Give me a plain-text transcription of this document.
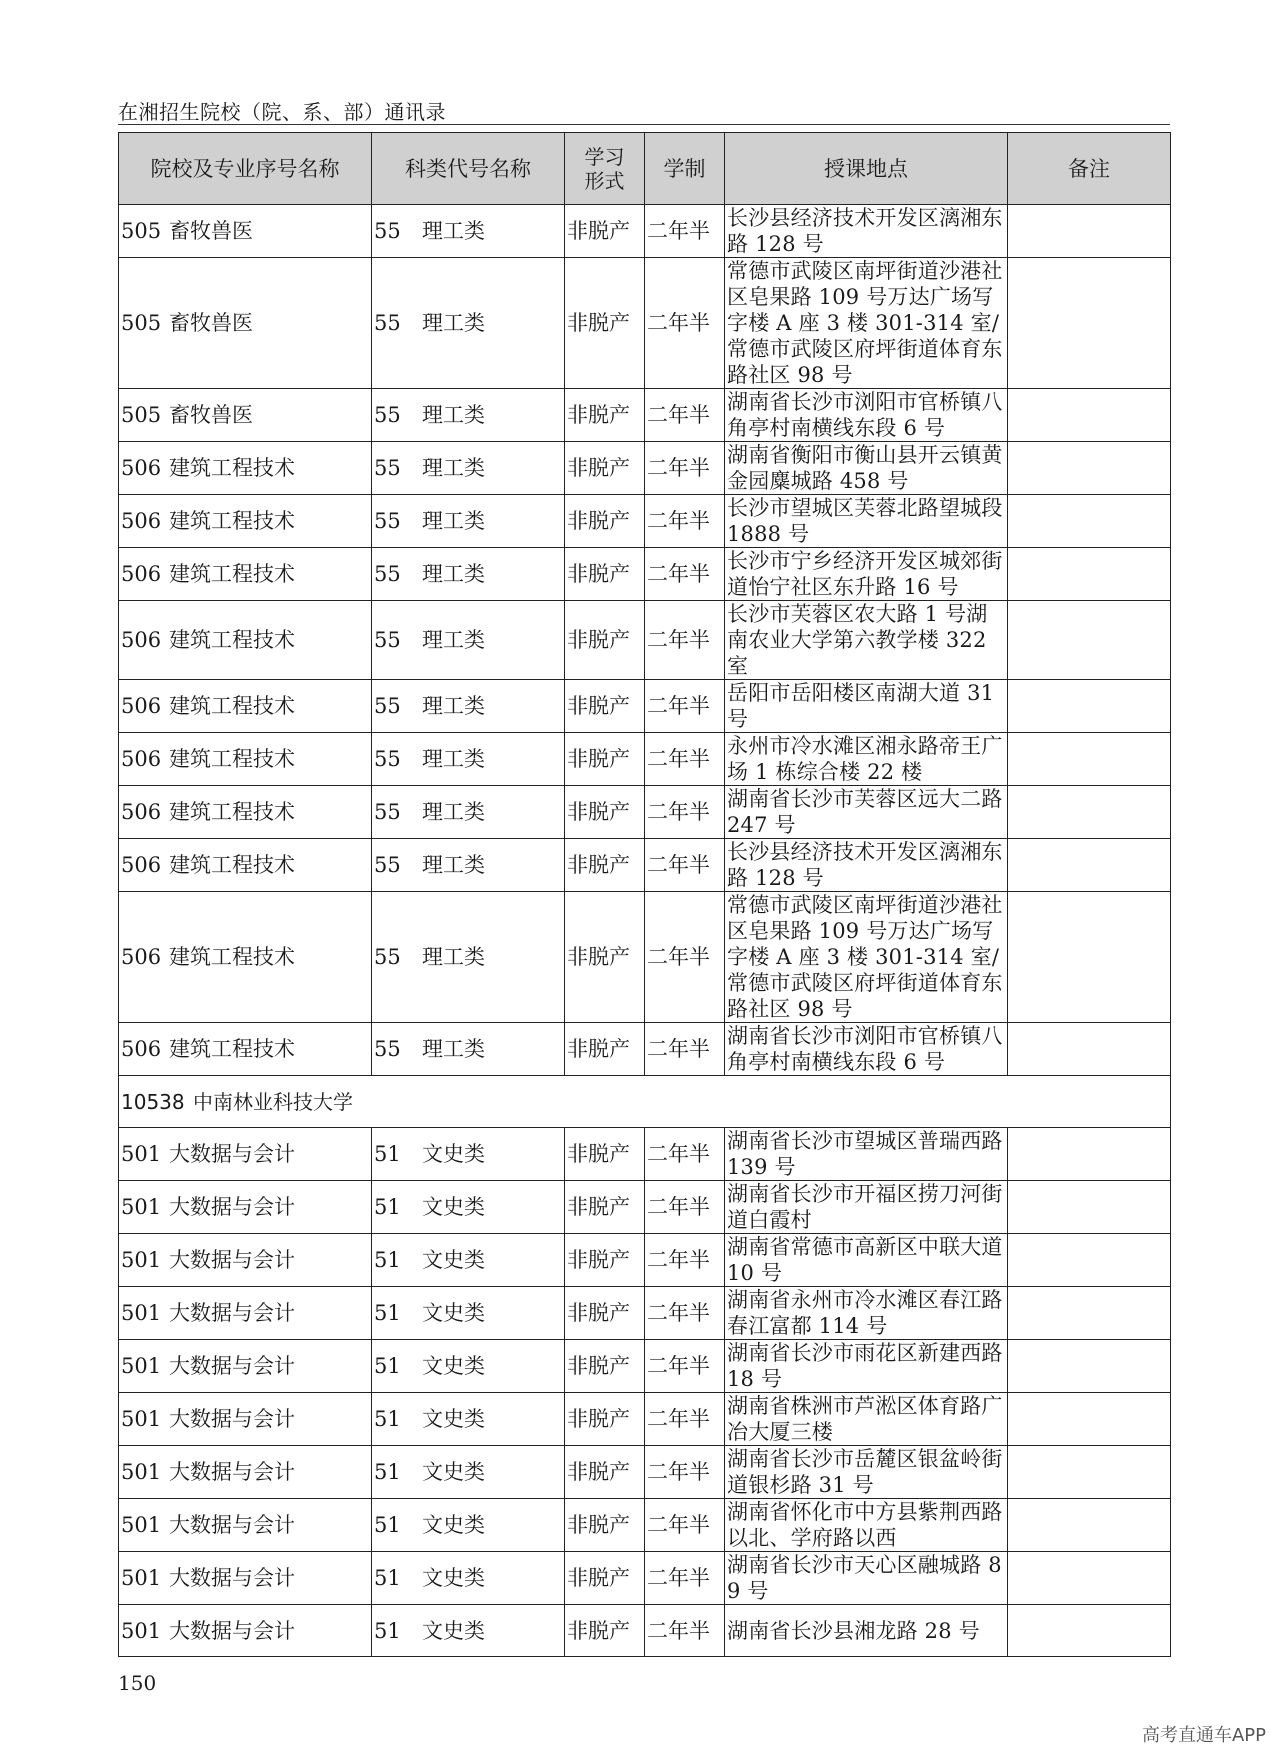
在湘招生院校（院、系、部）通讯录
院校及专业序号名称	科类代号名称	学习形式	学制	授课地点	备注
505 畜牧兽医	55 理工类	非脱产	二年半	长沙县经济技术开发区漓湘东路 128 号	
505 畜牧兽医	55 理工类	非脱产	二年半	常德市武陵区南坪街道沙港社区皂果路 109 号万达广场写字楼 A 座 3 楼 301-314 室/常德市武陵区府坪街道体育东路社区 98 号	
505 畜牧兽医	55 理工类	非脱产	二年半	湖南省长沙市浏阳市官桥镇八角亭村南横线东段 6 号	
506 建筑工程技术	55 理工类	非脱产	二年半	湖南省衡阳市衡山县开云镇黄金园麋城路 458 号	
506 建筑工程技术	55 理工类	非脱产	二年半	长沙市望城区芙蓉北路望城段 1888 号	
506 建筑工程技术	55 理工类	非脱产	二年半	长沙市宁乡经济开发区城郊街道怡宁社区东升路 16 号	
506 建筑工程技术	55 理工类	非脱产	二年半	长沙市芙蓉区农大路 1 号湖南农业大学第六教学楼 322 室	
506 建筑工程技术	55 理工类	非脱产	二年半	岳阳市岳阳楼区南湖大道 31 号	
506 建筑工程技术	55 理工类	非脱产	二年半	永州市冷水滩区湘永路帝王广场 1 栋综合楼 22 楼	
506 建筑工程技术	55 理工类	非脱产	二年半	湖南省长沙市芙蓉区远大二路 247 号	
506 建筑工程技术	55 理工类	非脱产	二年半	长沙县经济技术开发区漓湘东路 128 号	
506 建筑工程技术	55 理工类	非脱产	二年半	常德市武陵区南坪街道沙港社区皂果路 109 号万达广场写字楼 A 座 3 楼 301-314 室/常德市武陵区府坪街道体育东路社区 98 号	
506 建筑工程技术	55 理工类	非脱产	二年半	湖南省长沙市浏阳市官桥镇八角亭村南横线东段 6 号	
10538 中南林业科技大学					
501 大数据与会计	51 文史类	非脱产	二年半	湖南省长沙市望城区普瑞西路 139 号	
501 大数据与会计	51 文史类	非脱产	二年半	湖南省长沙市开福区捞刀河街道白霞村	
501 大数据与会计	51 文史类	非脱产	二年半	湖南省常德市高新区中联大道 10 号	
501 大数据与会计	51 文史类	非脱产	二年半	湖南省永州市冷水滩区春江路春江富都 114 号	
501 大数据与会计	51 文史类	非脱产	二年半	湖南省长沙市雨花区新建西路 18 号	
501 大数据与会计	51 文史类	非脱产	二年半	湖南省株洲市芦淞区体育路广冶大厦三楼	
501 大数据与会计	51 文史类	非脱产	二年半	湖南省长沙市岳麓区银盆岭街道银杉路 31 号	
501 大数据与会计	51 文史类	非脱产	二年半	湖南省怀化市中方县紫荆西路以北、学府路以西	
501 大数据与会计	51 文史类	非脱产	二年半	湖南省长沙市天心区融城路 89 号	
501 大数据与会计	51 文史类	非脱产	二年半	湖南省长沙县湘龙路 28 号	
150
高考直通车APP
